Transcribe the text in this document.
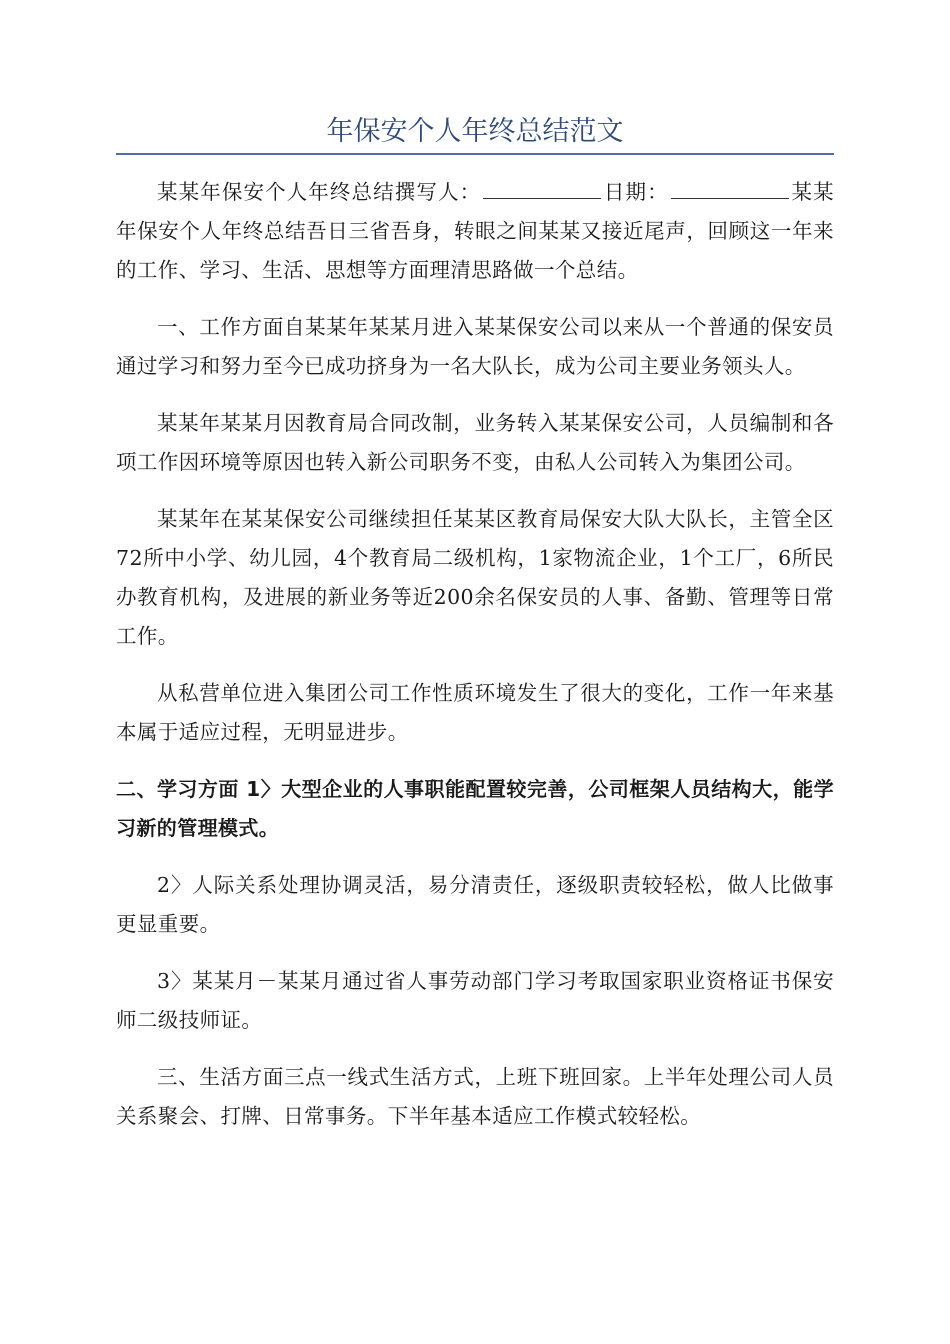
年保安个人年终总结范文

某某年保安个人年终总结撰写人：	日期：	某某年保安个人年终总结吾日三省吾身，转眼之间某某又接近尾声，回顾这一年来的工作、学习、生活、思想等方面理清思路做一个总结。

一、工作方面自某某年某某月进入某某保安公司以来从一个普通的保安员通过学习和努力至今已成功挤身为一名大队长，成为公司主要业务领头人。

某某年某某月因教育局合同改制，业务转入某某保安公司，人员编制和各项工作因环境等原因也转入新公司职务不变，由私人公司转入为集团公司。

某某年在某某保安公司继续担任某某区教育局保安大队大队长，主管全区72所中小学、幼儿园，4个教育局二级机构，1家物流企业，1个工厂，6所民办教育机构，及进展的新业务等近200余名保安员的人事、备勤、管理等日常工作。

从私营单位进入集团公司工作性质环境发生了很大的变化，工作一年来基本属于适应过程，无明显进步。

二、学习方面 1〉大型企业的人事职能配置较完善，公司框架人员结构大，能学习新的管理模式。

2〉人际关系处理协调灵活，易分清责任，逐级职责较轻松，做人比做事更显重要。

3〉某某月－某某月通过省人事劳动部门学习考取国家职业资格证书保安师二级技师证。

三、生活方面三点一线式生活方式，上班下班回家。上半年处理公司人员关系聚会、打牌、日常事务。下半年基本适应工作模式较轻松。
